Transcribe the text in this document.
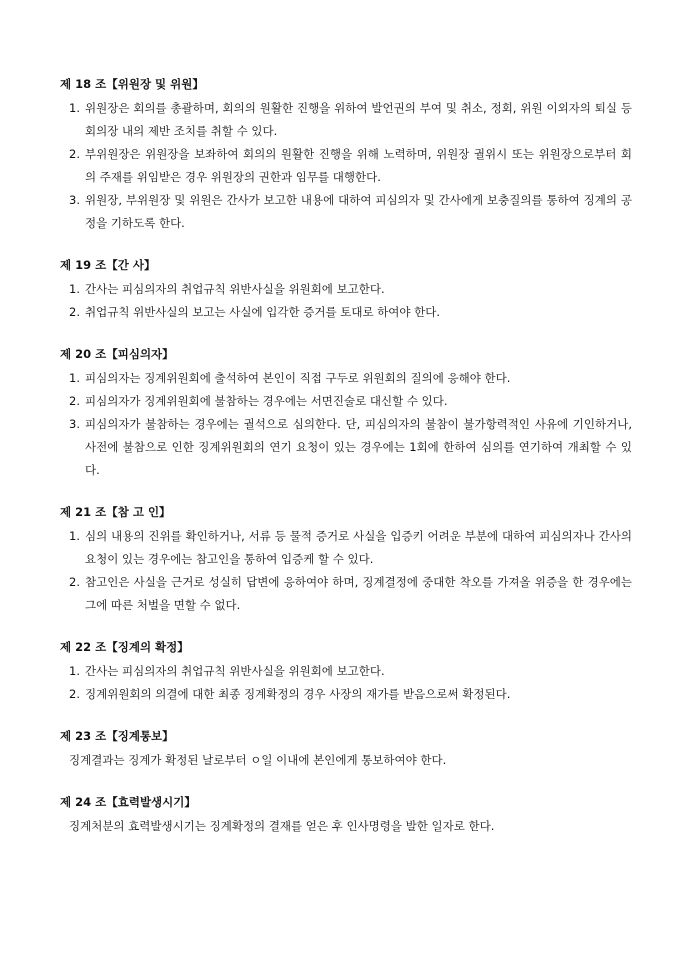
제 18 조【위원장 및 위원】
1. 위원장은 회의를 총괄하며, 회의의 원활한 진행을 위하여 발언권의 부여 및 취소, 정회, 위원 이외자의 퇴실 등 회의장 내의 제반 조치를 취할 수 있다.
2. 부위원장은 위원장을 보좌하여 회의의 원활한 진행을 위해 노력하며, 위원장 궐위시 또는 위원장으로부터 회의 주재를 위임받은 경우 위원장의 권한과 임무를 대행한다.
3. 위원장, 부위원장 및 위원은 간사가 보고한 내용에 대하여 피심의자 및 간사에게 보충질의를 통하여 징계의 공정을 기하도록 한다.
제 19 조【간 사】
1. 간사는 피심의자의 취업규칙 위반사실을 위원회에 보고한다.
2. 취업규칙 위반사실의 보고는 사실에 입각한 증거를 토대로 하여야 한다.
제 20 조【피심의자】
1. 피심의자는 징계위원회에 출석하여 본인이 직접 구두로 위원회의 질의에 응해야 한다.
2. 피심의자가 징계위원회에 불참하는 경우에는 서면진술로 대신할 수 있다.
3. 피심의자가 불참하는 경우에는 궐석으로 심의한다. 단, 피심의자의 불참이 불가항력적인 사유에 기인하거나, 사전에 불참으로 인한 징계위원회의 연기 요청이 있는 경우에는 1회에 한하여 심의를 연기하여 개최할 수 있다.
제 21 조【참 고 인】
1. 심의 내용의 진위를 확인하거나, 서류 등 물적 증거로 사실을 입증키 어려운 부분에 대하여 피심의자나 간사의 요청이 있는 경우에는 참고인을 통하여 입증케 할 수 있다.
2. 참고인은 사실을 근거로 성실히 답변에 응하여야 하며, 징계결정에 중대한 착오를 가져올 위증을 한 경우에는 그에 따른 처벌을 면할 수 없다.
제 22 조【징계의 확정】
1. 간사는 피심의자의 취업규칙 위반사실을 위원회에 보고한다.
2. 징계위원회의 의결에 대한 최종 징계확정의 경우 사장의 재가를 받음으로써 확정된다.
제 23 조【징계통보】
징계결과는 징계가 확정된 날로부터 ㅇ일 이내에 본인에게 통보하여야 한다.
제 24 조【효력발생시기】
징계처분의 효력발생시기는 징계확정의 결재를 얻은 후 인사명령을 발한 일자로 한다.
